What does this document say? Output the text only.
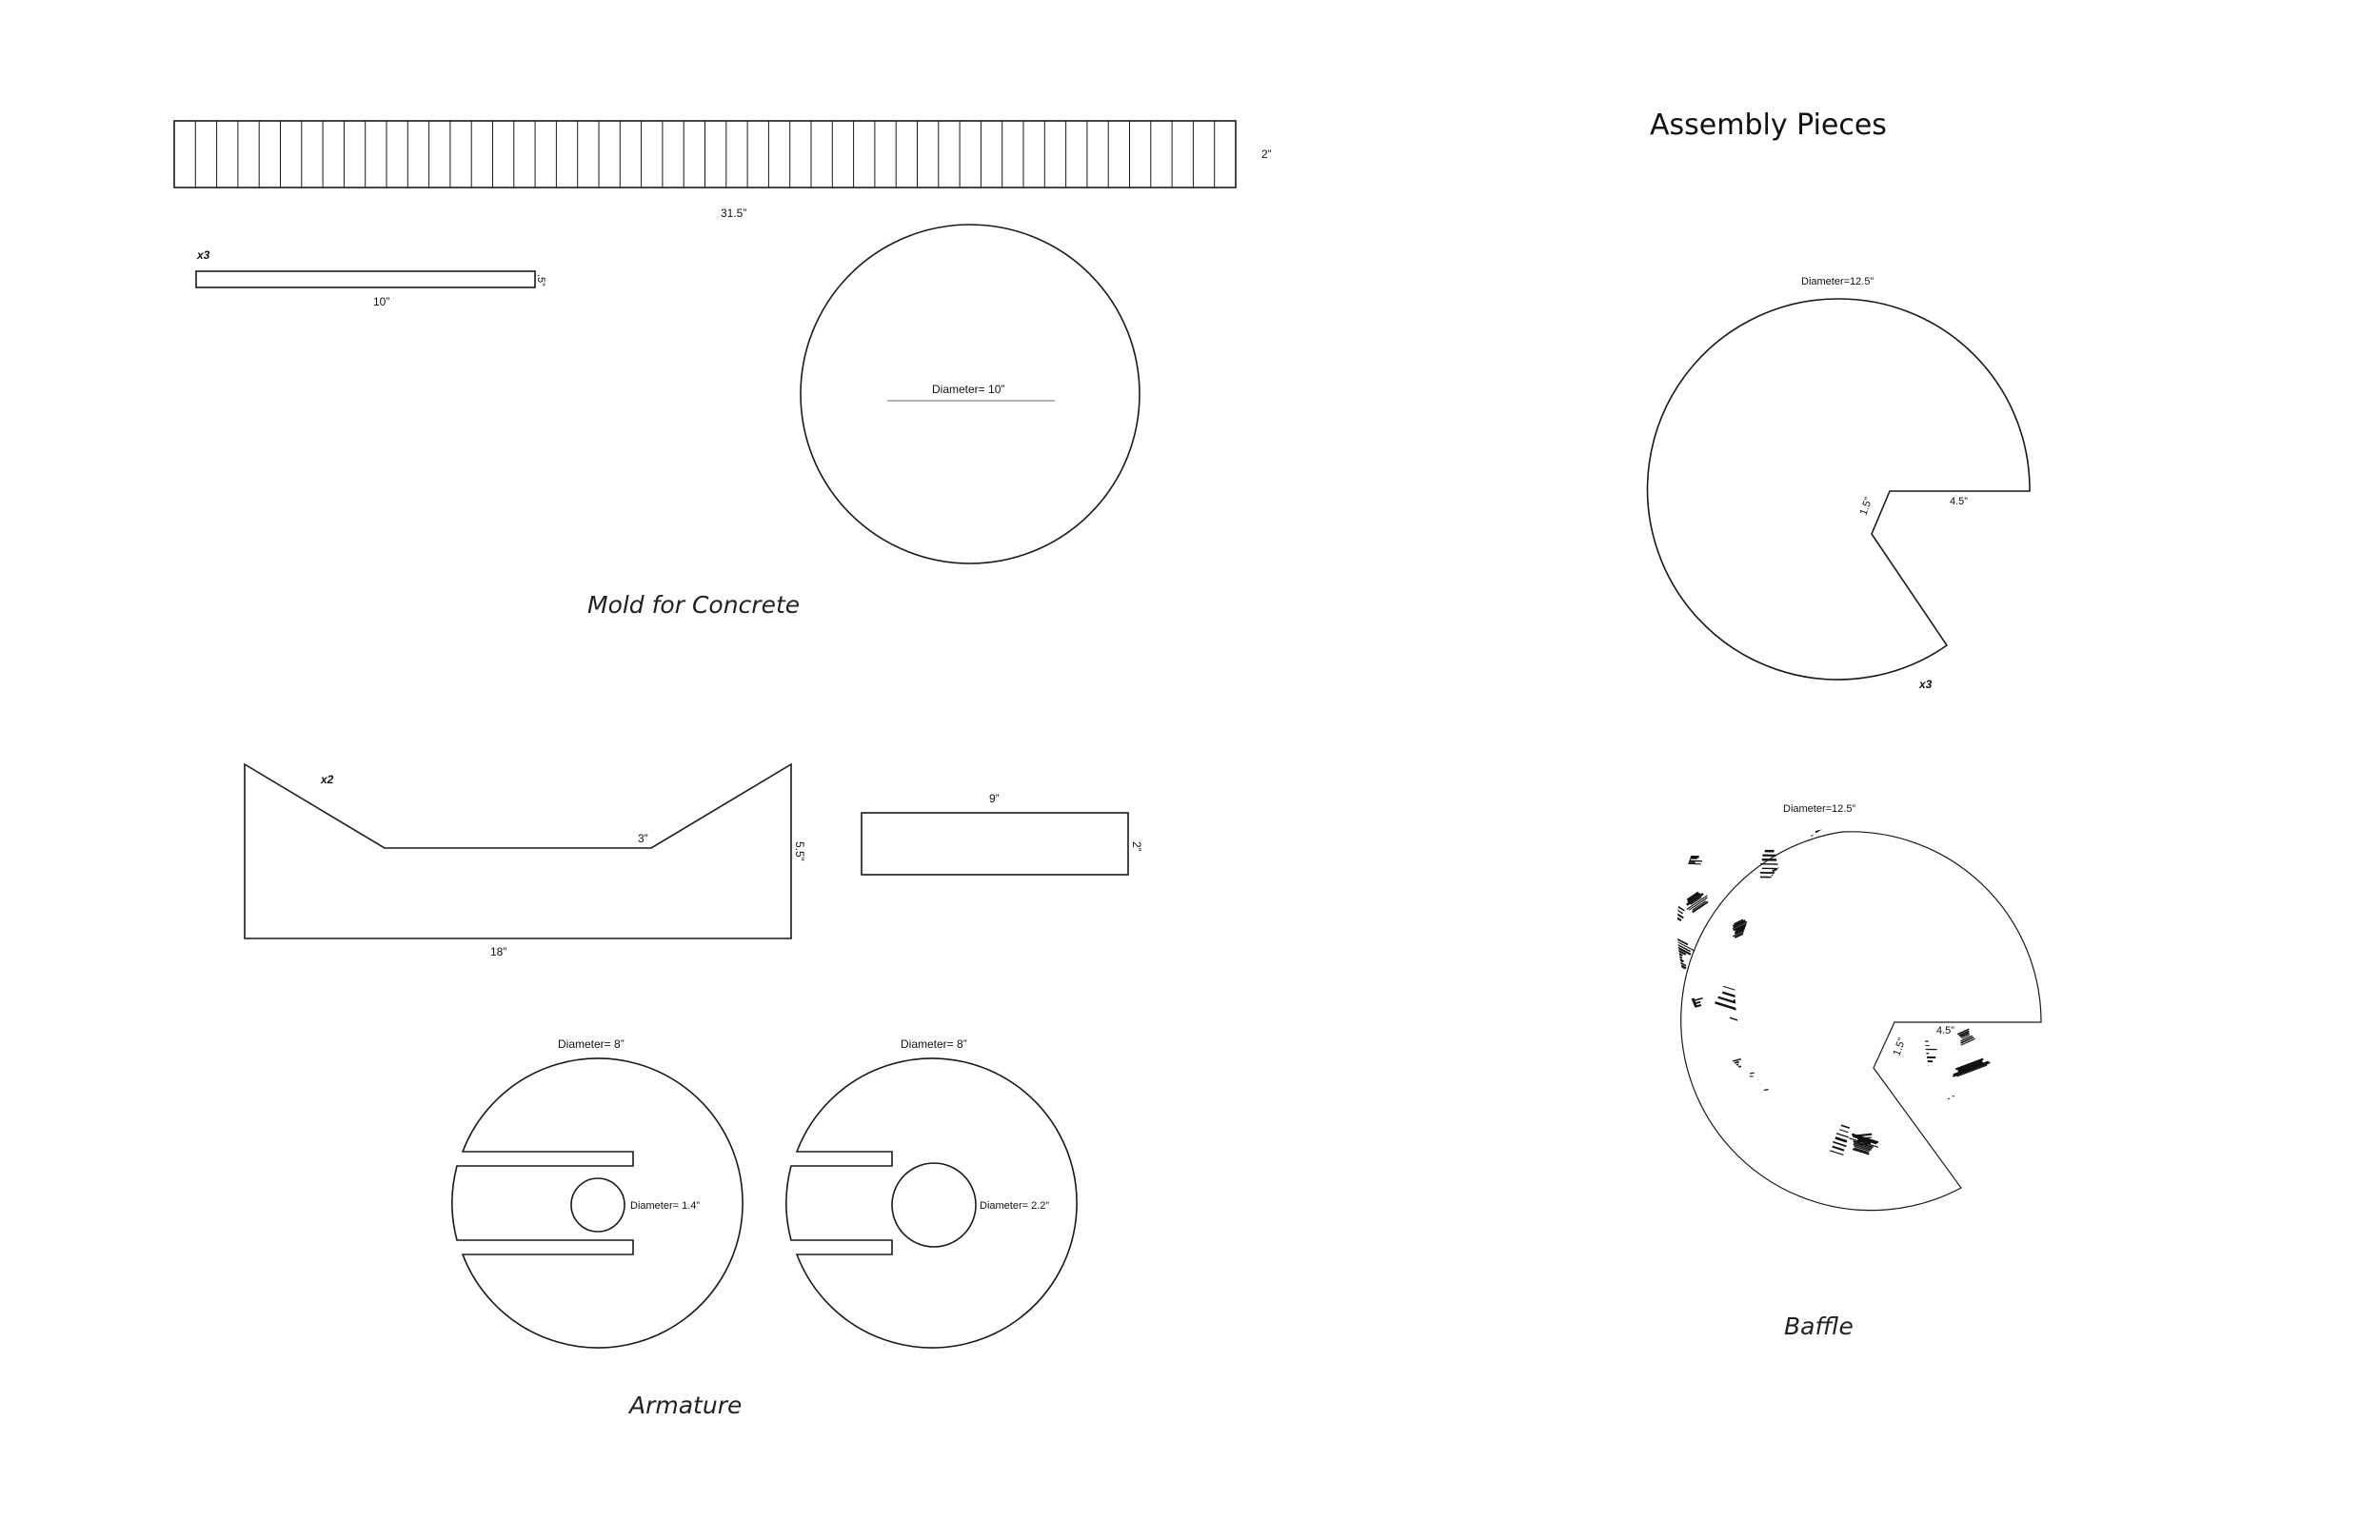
2”
31.5”
x3
10”
.5”
Diameter= 10”
Mold for Concrete
x2
3”
5.5”
18”
9”
2”
Diameter= 8”
Diameter= 1.4”
Diameter= 8”
Diameter= 2.2”
Armature
Assembly Pieces
Diameter=12.5”
4.5”
1.5”
x3
Diameter=12.5”
4.5”
1.5”
Baffle
